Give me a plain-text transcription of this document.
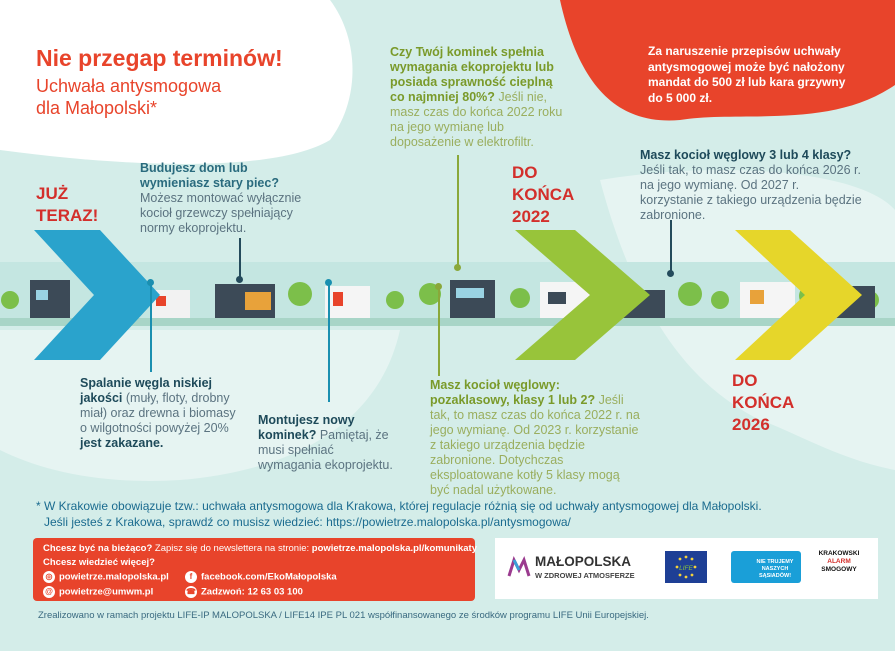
Nie przegap terminów!
Uchwała antysmogowa
dla Małopolski*
JUŻ
TERAZ!
DO
KOŃCA
2022
DO
KOŃCA
2026
Budujesz dom lub wymieniasz stary piec? Możesz montować wyłącznie kocioł grzewczy spełniający normy ekoprojektu.
Spalanie węgla niskiej jakości (muły, floty, drobny miał) oraz drewna i biomasy o wilgotności powyżej 20% jest zakazane.
Montujesz nowy kominek? Pamiętaj, że musi spełniać wymagania ekoprojektu.
Czy Twój kominek spełnia wymagania ekoprojektu lub posiada sprawność cieplną co najmniej 80%? Jeśli nie, masz czas do końca 2022 roku na jego wymianę lub doposażenie w elektrofiltr.
Za naruszenie przepisów uchwały antysmogowej może być nałożony mandat do 500 zł lub kara grzywny do 5 000 zł.
Masz kocioł węglowy: pozaklasowy, klasy 1 lub 2? Jeśli tak, to masz czas do końca 2022 r. na jego wymianę. Od 2023 r. korzystanie z takiego urządzenia będzie zabronione. Dotychczas eksploatowane kotły 5 klasy mogą być nadal użytkowane.
Masz kocioł węglowy 3 lub 4 klasy? Jeśli tak, to masz czas do końca 2026 r. na jego wymianę. Od 2027 r. korzystanie z takiego urządzenia będzie zabronione.
* W Krakowie obowiązuje tzw.: uchwała antysmogowa dla Krakowa, której regulacje różnią się od uchwały antysmogowej dla Małopolski.
Jeśli jesteś z Krakowa, sprawdź co musisz wiedzieć: https://powietrze.malopolska.pl/antysmogowa/
Chcesz być na bieżąco? Zapisz się do newslettera na stronie: powietrze.malopolska.pl/komunikaty
Chcesz wiedzieć więcej?
◎ powietrze.malopolska.pl
@ powietrze@umwm.pl
f facebook.com/EkoMałopolska
☎ Zadzwoń: 12 63 03 100
MAŁOPOLSKA
W ZDROWEJ ATMOSFERZE
LIFE
NIE TRUJEMY NASZYCH SĄSIADÓW!
KRAKOWSKI
ALARM
SMOGOWY
Zrealizowano w ramach projektu LIFE-IP MALOPOLSKA / LIFE14 IPE PL 021 współfinansowanego ze środków programu LIFE Unii Europejskiej.
